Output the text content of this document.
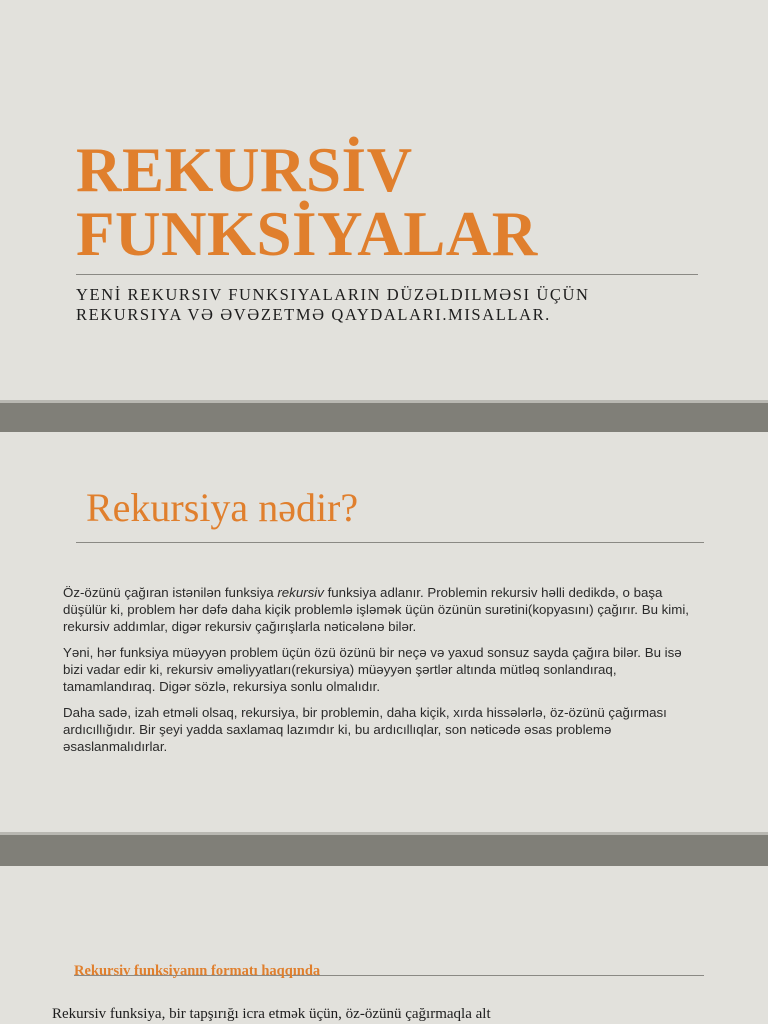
REKURSİV
FUNKSİYALAR
YENİ REKURSIV FUNKSIYALARIN DÜZƏLDILMƏSI ÜÇÜN
REKURSIYA VƏ ƏVƏZETMƏ QAYDALARI.MISALLAR.
Rekursiya nədir?

Öz-özünü çağıran istənilən funksiya rekursiv funksiya adlanır. Problemin rekursiv həlli dedikdə, o başa düşülür ki, problem hər dəfə daha kiçik problemlə işləmək üçün özünün surətini(kopyasını) çağırır. Bu kimi, rekursiv addımlar, digər rekursiv çağırışlarla nəticələnə bilər.

Yəni, hər funksiya müəyyən problem üçün özü özünü bir neçə və yaxud sonsuz sayda çağıra bilər. Bu isə bizi vadar edir ki, rekursiv əməliyyatları(rekursiya) müəyyən şərtlər altında mütləq sonlandıraq, tamamlandıraq. Digər sözlə, rekursiya sonlu olmalıdır.

Daha sadə, izah etməli olsaq, rekursiya, bir problemin, daha kiçik, xırda hissələrlə, öz-özünü çağırması ardıcıllığıdır. Bir şeyi yadda saxlamaq lazımdır ki, bu ardıcıllıqlar, son nəticədə əsas problemə əsaslanmalıdırlar.

Rekursiv funksiyanın formatı haqqında
Rekursiv funksiya, bir tapşırığı icra etmək üçün, öz-özünü çağırmaqla alt
